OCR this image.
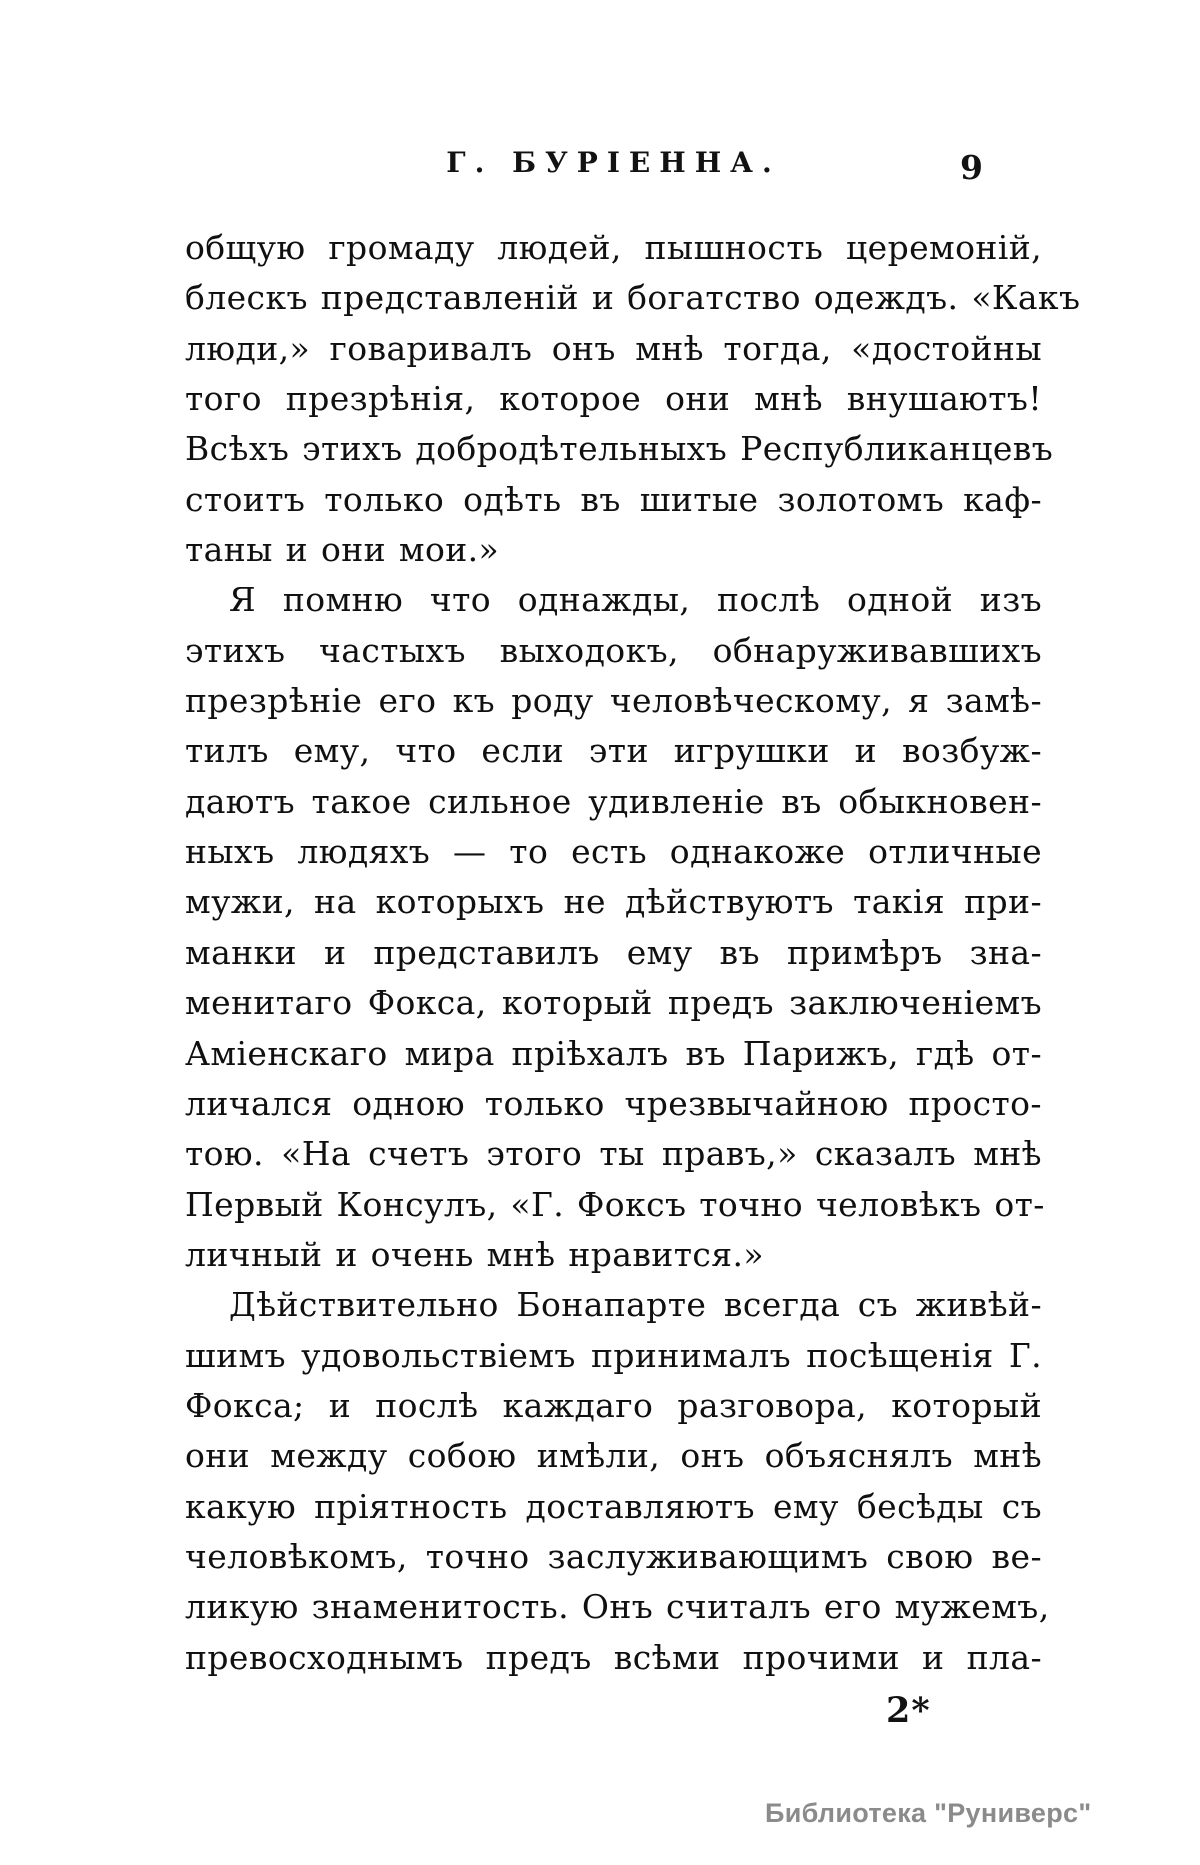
Г. БУРІЕННА.	9
общую громаду людей, пышность церемоній,
блескъ представленій и богатство одеждъ. «Какъ
люди,» говаривалъ онъ мнѣ тогда, «достойны
того презрѣнія, которое они мнѣ внушаютъ!
Всѣхъ этихъ добродѣтельныхъ Республиканцевъ
стоитъ только одѣть въ шитые золотомъ каф-
таны и они мои.»
Я помню что однажды, послѣ одной изъ
этихъ частыхъ выходокъ, обнаруживавшихъ
презрѣніе его къ роду человѣческому, я замѣ-
тилъ ему, что если эти игрушки и возбуж-
даютъ такое сильное удивленіе въ обыкновен-
ныхъ людяхъ — то есть однакоже отличные
мужи, на которыхъ не дѣйствуютъ такія при-
манки и представилъ ему въ примѣръ зна-
менитаго Фокса, который предъ заключеніемъ
Аміенскаго мира пріѣхалъ въ Парижъ, гдѣ от-
личался одною только чрезвычайною просто-
тою. «На счетъ этого ты правъ,» сказалъ мнѣ
Первый Консулъ, «Г. Фоксъ точно человѣкъ от-
личный и очень мнѣ нравится.»
Дѣйствительно Бонапарте всегда съ живѣй-
шимъ удовольствіемъ принималъ посѣщенія Г.
Фокса; и послѣ каждаго разговора, который
они между собою имѣли, онъ объяснялъ мнѣ
какую пріятность доставляютъ ему бесѣды съ
человѣкомъ, точно заслуживающимъ свою ве-
ликую знаменитость. Онъ считалъ его мужемъ,
превосходнымъ предъ всѣми прочими и пла-
2*
Библиотека "Руниверс"
